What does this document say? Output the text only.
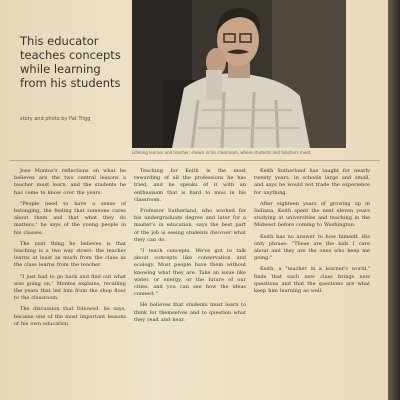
This educator teaches concepts while learning from his students
story and photo by Pat Trigg
Lifelong learner and teacher; shown in his classroom, where students and teachers meet.

Jose Montez's reflections on what he believes are the two central lessons a teacher must learn, and the students he has come to know over the years.

"People need to have a sense of belonging, the feeling that someone cares about them and that what they do matters," he says of the young people in his classes.

The next thing he believes is that teaching is a two way street: the teacher learns at least as much from the class as the class learns from the teacher.

"I just had to go back and find out what was going on," Montez explains, recalling the years that led him from the shop floor to the classroom.

The discussion that followed, he says, became one of the most important lessons of his own education.

Teaching for Keith is the most rewarding of all the professions he has tried, and he speaks of it with an enthusiasm that is hard to miss in his classroom.

Professor Sutherland, who worked for his undergraduate degree and later for a master's in education, says the best part of the job is seeing students discover what they can do.

"I teach concepts. We've got to talk about concepts like conservation and ecology. Most people have them without knowing what they are. Take an issue like water, or energy, or the future of our cities, and you can see how the ideas connect."

He believes that students must learn to think for themselves and to question what they read and hear.

Keith Sutherland has taught for nearly twenty years, in schools large and small, and says he would not trade the experience for anything.

After eighteen years of growing up in Indiana, Keith spent the next eleven years studying at universities and teaching in the Midwest before coming to Washington.

Keith has no answer to how himself. His only phrase: "These are the kids I care about and they are the ones who keep me going."

Keith, a "teacher in a learner's world," finds that each new class brings new questions and that the questions are what keep him learning as well.
